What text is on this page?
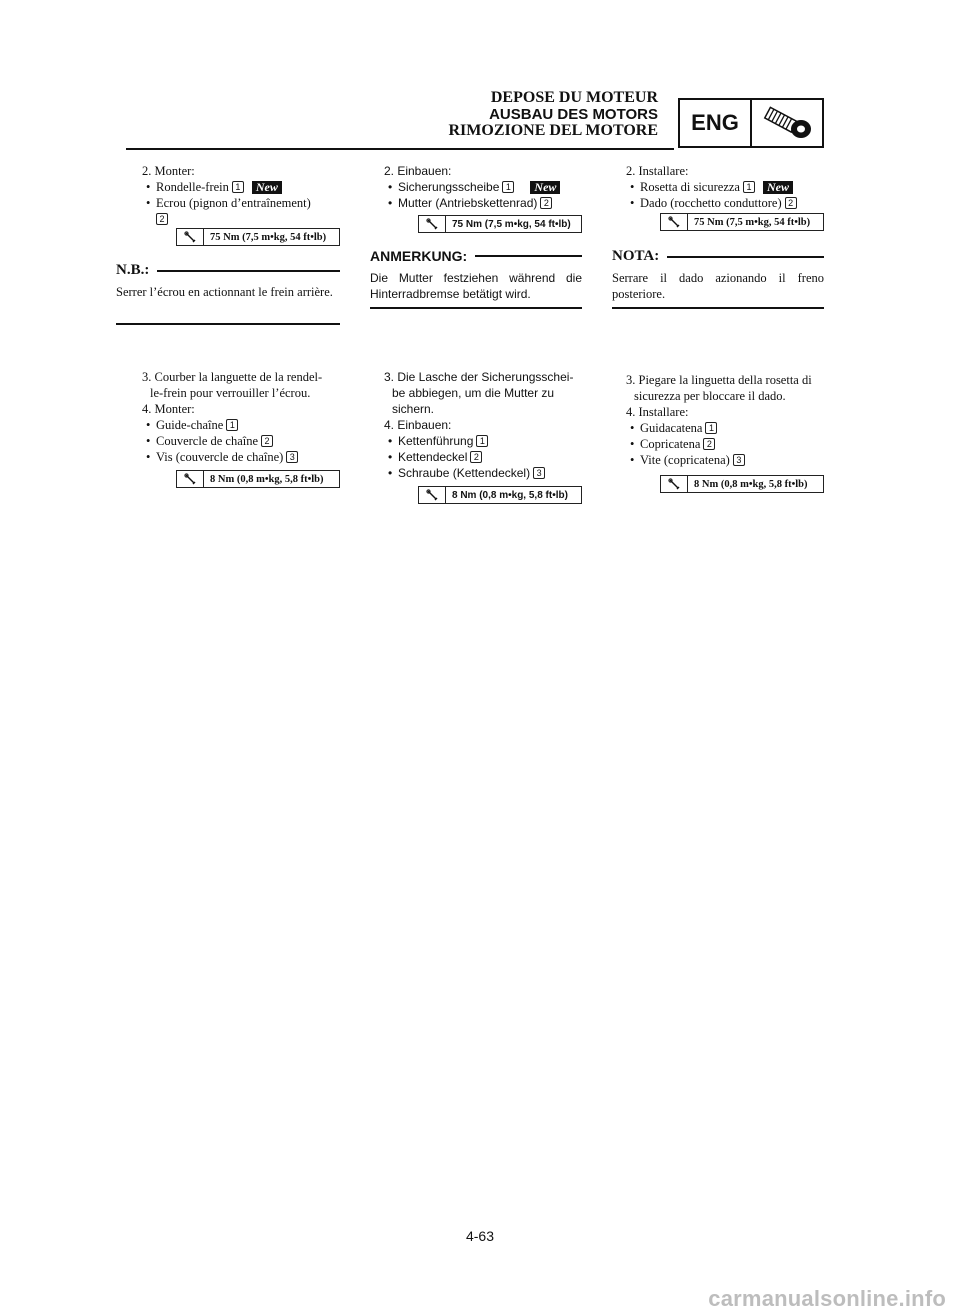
DEPOSE DU MOTEUR
AUSBAU DES MOTORS
RIMOZIONE DEL MOTORE	ENG

2. Monter:

• Rondelle-frein 1 New

• Ecrou (pignon d’entraînement)
2

75 Nm (7,5 m•kg, 54 ft•lb)
N.B.:

Serrer l’écrou en actionnant le frein arrière.

3. Courber la languette de la rendel-

le-frein pour verrouiller l’écrou.

4. Monter:

• Guide-chaîne 1

• Couvercle de chaîne 2

• Vis (couvercle de chaîne) 3

8 Nm (0,8 m•kg, 5,8 ft•lb)

2. Einbauen:

• Sicherungsscheibe 1 New

• Mutter (Antriebskettenrad) 2

75 Nm (7,5 m•kg, 54 ft•lb)
ANMERKUNG:

Die Mutter festziehen während die Hinterradbremse betätigt wird.

3. Die Lasche der Sicherungsschei-

be abbiegen, um die Mutter zu

sichern.

4. Einbauen:

• Kettenführung 1

• Kettendeckel 2

• Schraube (Kettendeckel) 3

8 Nm (0,8 m•kg, 5,8 ft•lb)

2. Installare:

• Rosetta di sicurezza 1 New

• Dado (rocchetto conduttore) 2

75 Nm (7,5 m•kg, 54 ft•lb)
NOTA:

Serrare il dado azionando il freno posteriore.

3. Piegare la linguetta della rosetta di

sicurezza per bloccare il dado.

4. Installare:

• Guidacatena 1

• Copricatena 2

• Vite (copricatena) 3

8 Nm (0,8 m•kg, 5,8 ft•lb)
4-63
carmanualsonline.info
